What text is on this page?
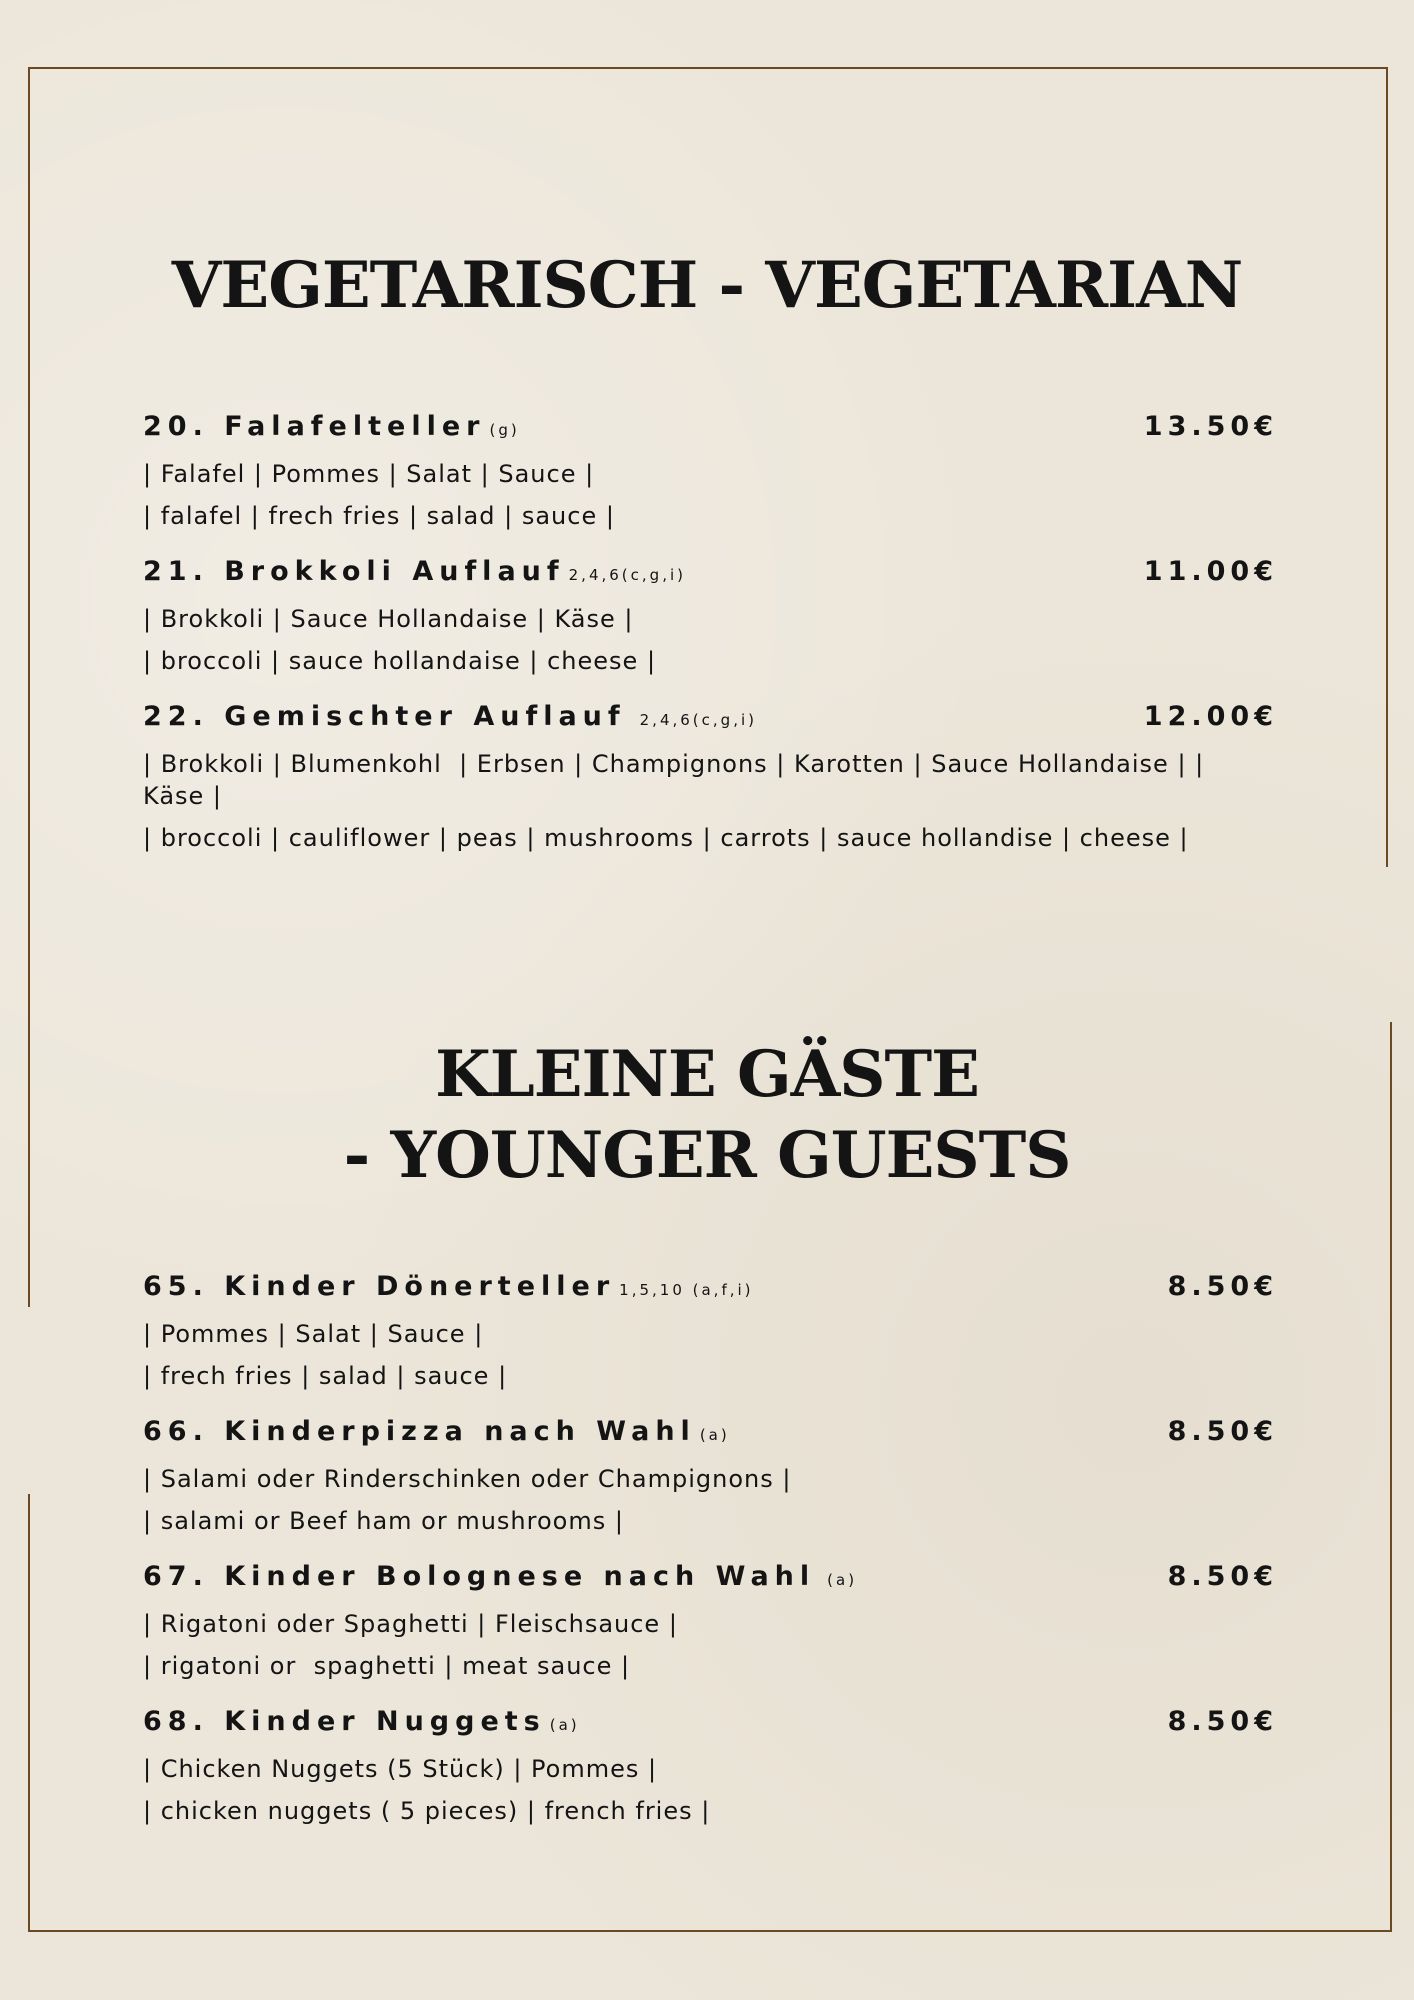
VEGETARISCH - VEGETARIAN
20. Falafelteller (g)	13.50€
| Falafel | Pommes | Salat | Sauce |
| falafel | frech fries | salad | sauce |
21. Brokkoli Auflauf 2,4,6(c,g,i)	11.00€
| Brokkoli | Sauce Hollandaise | Käse |
| broccoli | sauce hollandaise | cheese |
22. Gemischter Auflauf 2,4,6(c,g,i)	12.00€
| Brokkoli | Blumenkohl  | Erbsen | Champignons | Karotten | Sauce Hollandaise | | Käse |
| broccoli | cauliflower | peas | mushrooms | carrots | sauce hollandise | cheese |
KLEINE GÄSTE
- YOUNGER GUESTS
65. Kinder Dönerteller 1,5,10 (a,f,i)	8.50€
| Pommes | Salat | Sauce |
| frech fries | salad | sauce |
66. Kinderpizza nach Wahl (a)	8.50€
| Salami oder Rinderschinken oder Champignons |
| salami or Beef ham or mushrooms |
67. Kinder Bolognese nach Wahl (a)	8.50€
| Rigatoni oder Spaghetti | Fleischsauce |
| rigatoni or  spaghetti | meat sauce |
68. Kinder Nuggets (a)	8.50€
| Chicken Nuggets (5 Stück) | Pommes |
| chicken nuggets ( 5 pieces) | french fries |
